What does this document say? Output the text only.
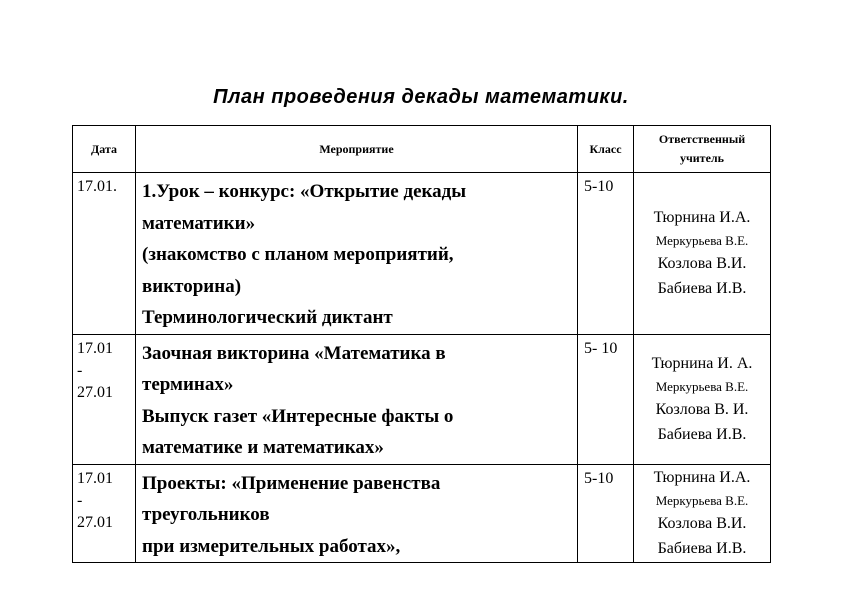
План проведения декады математики.
Дата	Мероприятие	Класс	Ответственный
учитель

17.01.	1.Урок – конкурс: «Открытие декады
математики»
(знакомство с планом мероприятий,
викторина)
Терминологический диктант	5-10	Тюрнина И.А.
Меркурьева В.Е.
Козлова В.И.
Бабиева И.В.

17.01
-
27.01	Заочная викторина «Математика в
терминах»
Выпуск газет «Интересные факты о
математике и математиках»	5- 10	Тюрнина И. А.
Меркурьева В.Е.
Козлова В. И.
Бабиева И.В.

17.01
-
27.01	Проекты: «Применение равенства
треугольников
при измерительных работах»,	5-10	Тюрнина И.А.
Меркурьева В.Е.
Козлова В.И.
Бабиева И.В.
